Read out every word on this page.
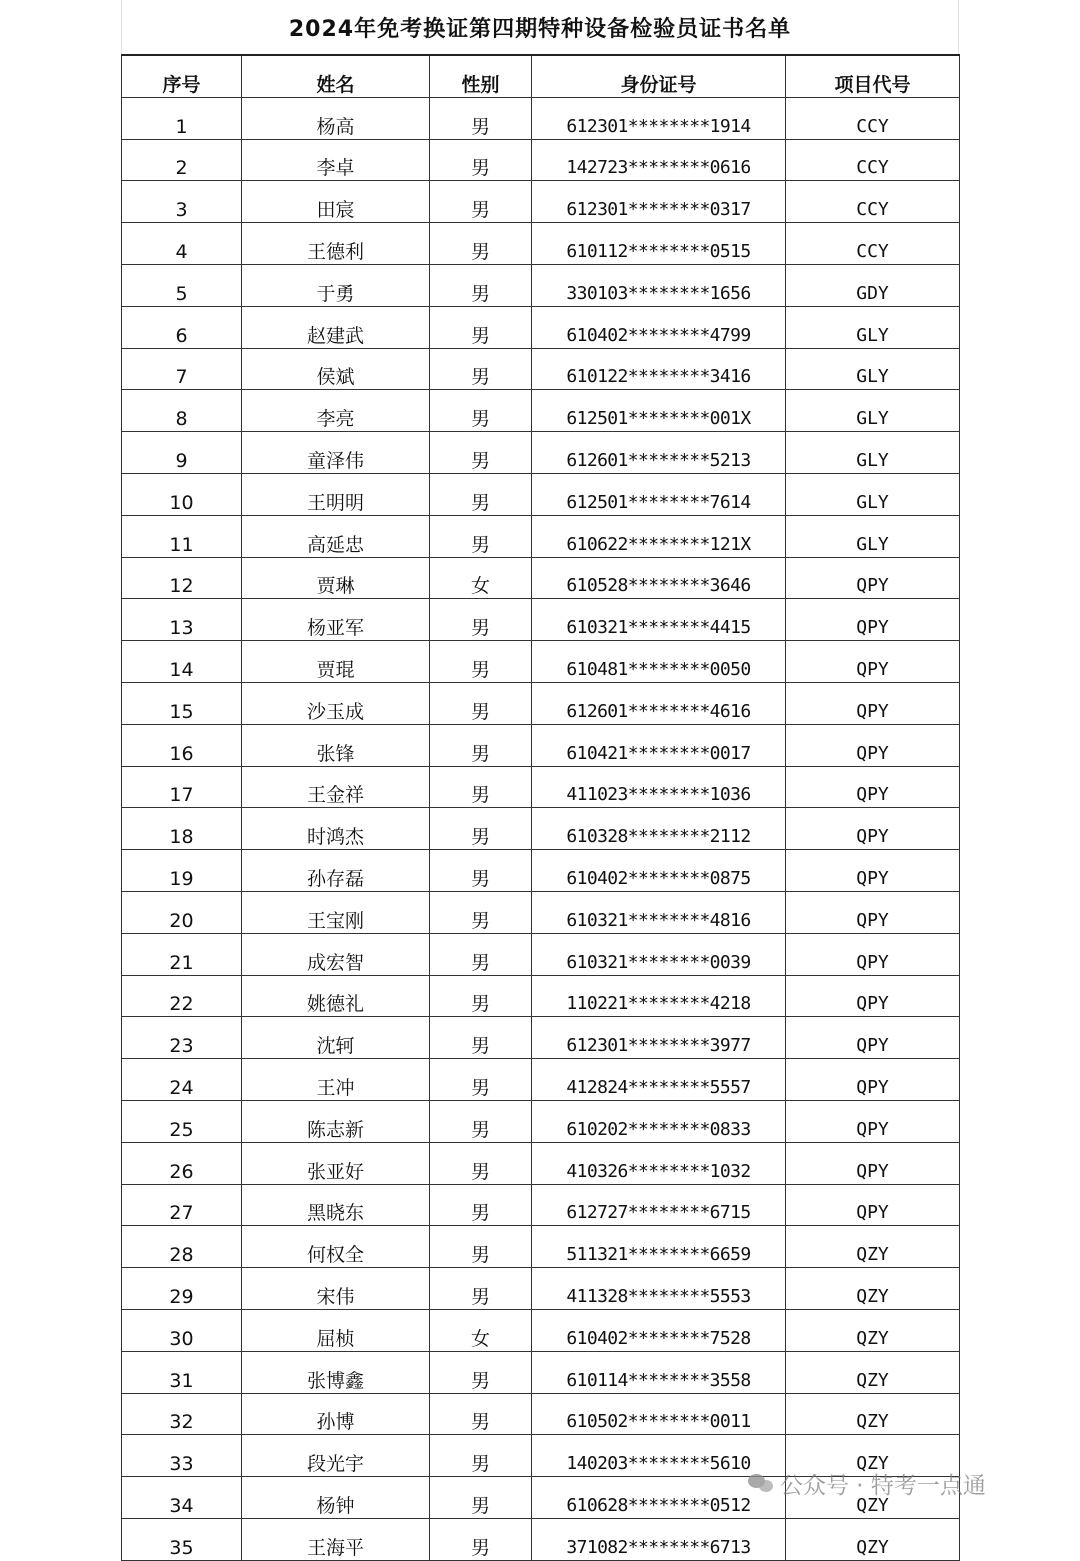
2024年免考换证第四期特种设备检验员证书名单
序号	姓名	性别	身份证号	项目代号
1	杨高	男	612301********1914	CCY
2	李卓	男	142723********0616	CCY
3	田宸	男	612301********0317	CCY
4	王德利	男	610112********0515	CCY
5	于勇	男	330103********1656	GDY
6	赵建武	男	610402********4799	GLY
7	侯斌	男	610122********3416	GLY
8	李亮	男	612501********001X	GLY
9	童泽伟	男	612601********5213	GLY
10	王明明	男	612501********7614	GLY
11	高延忠	男	610622********121X	GLY
12	贾琳	女	610528********3646	QPY
13	杨亚军	男	610321********4415	QPY
14	贾琨	男	610481********0050	QPY
15	沙玉成	男	612601********4616	QPY
16	张锋	男	610421********0017	QPY
17	王金祥	男	411023********1036	QPY
18	时鸿杰	男	610328********2112	QPY
19	孙存磊	男	610402********0875	QPY
20	王宝刚	男	610321********4816	QPY
21	成宏智	男	610321********0039	QPY
22	姚德礼	男	110221********4218	QPY
23	沈轲	男	612301********3977	QPY
24	王冲	男	412824********5557	QPY
25	陈志新	男	610202********0833	QPY
26	张亚好	男	410326********1032	QPY
27	黑晓东	男	612727********6715	QPY
28	何权全	男	511321********6659	QZY
29	宋伟	男	411328********5553	QZY
30	屈桢	女	610402********7528	QZY
31	张博鑫	男	610114********3558	QZY
32	孙博	男	610502********0011	QZY
33	段光宇	男	140203********5610	QZY
34	杨钟	男	610628********0512	QZY
35	王海平	男	371082********6713	QZY
公众号 · 特考一点通
